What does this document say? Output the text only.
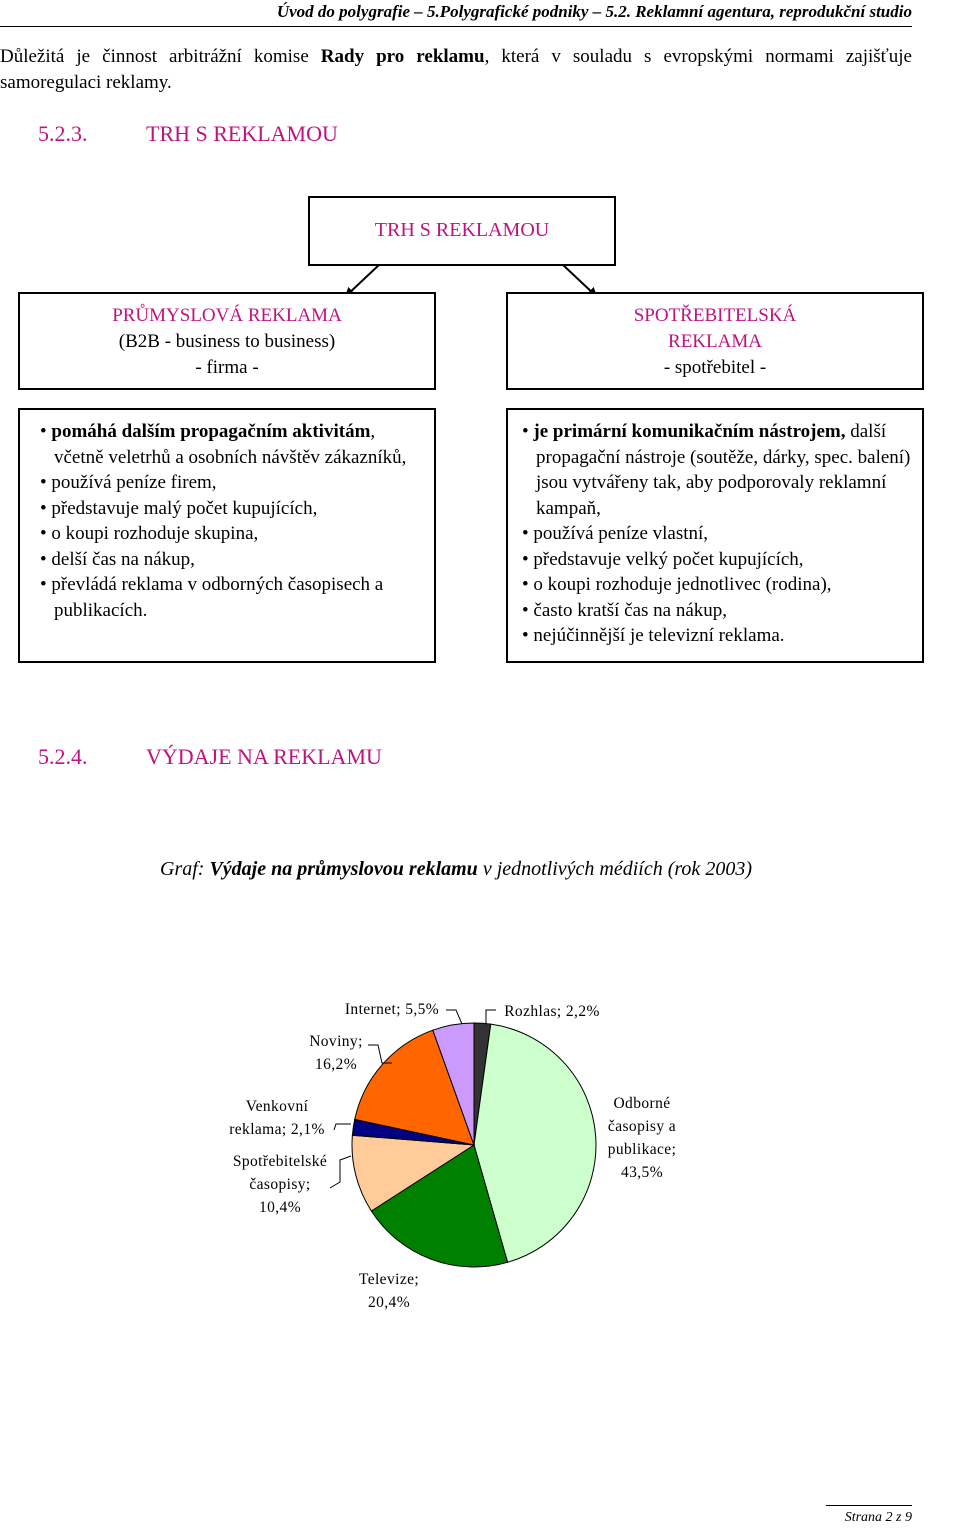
Úvod do polygrafie – 5.Polygrafické podniky – 5.2. Reklamní agentura, reprodukční studio
Důležitá je činnost arbitrážní komise Rady pro reklamu, která v souladu s evropskými normami zajišťuje samoregulaci reklamy.
5.2.3.	TRH S REKLAMOU
TRH S REKLAMOU
PRŮMYSLOVÁ REKLAMA
(B2B - business to business)
- firma -
SPOTŘEBITELSKÁ
REKLAMA
- spotřebitel -
• pomáhá dalším propagačním aktivitám, včetně veletrhů a osobních návštěv zákazníků,
• používá peníze firem,
• představuje malý počet kupujících,
• o koupi rozhoduje skupina,
• delší čas na nákup,
• převládá reklama v odborných časopisech a publikacích.
• je primární komunikačním nástrojem, další propagační nástroje (soutěže, dárky, spec. balení) jsou vytvářeny tak, aby podporovaly reklamní kampaň,
• používá peníze vlastní,
• představuje velký počet kupujících,
• o koupi rozhoduje jednotlivec (rodina),
• často kratší čas na nákup,
• nejúčinnější je televizní reklama.
5.2.4.	VÝDAJE NA REKLAMU
Graf: Výdaje na průmyslovou reklamu v jednotlivých médiích (rok 2003)
Rozhlas; 2,2%
Odborné
časopisy a
publikace;
43,5%
Televize;
20,4%
Spotřebitelské
časopisy;
10,4%
Venkovní
reklama; 2,1%
Noviny;
16,2%
Internet; 5,5%
Strana 2 z 9
